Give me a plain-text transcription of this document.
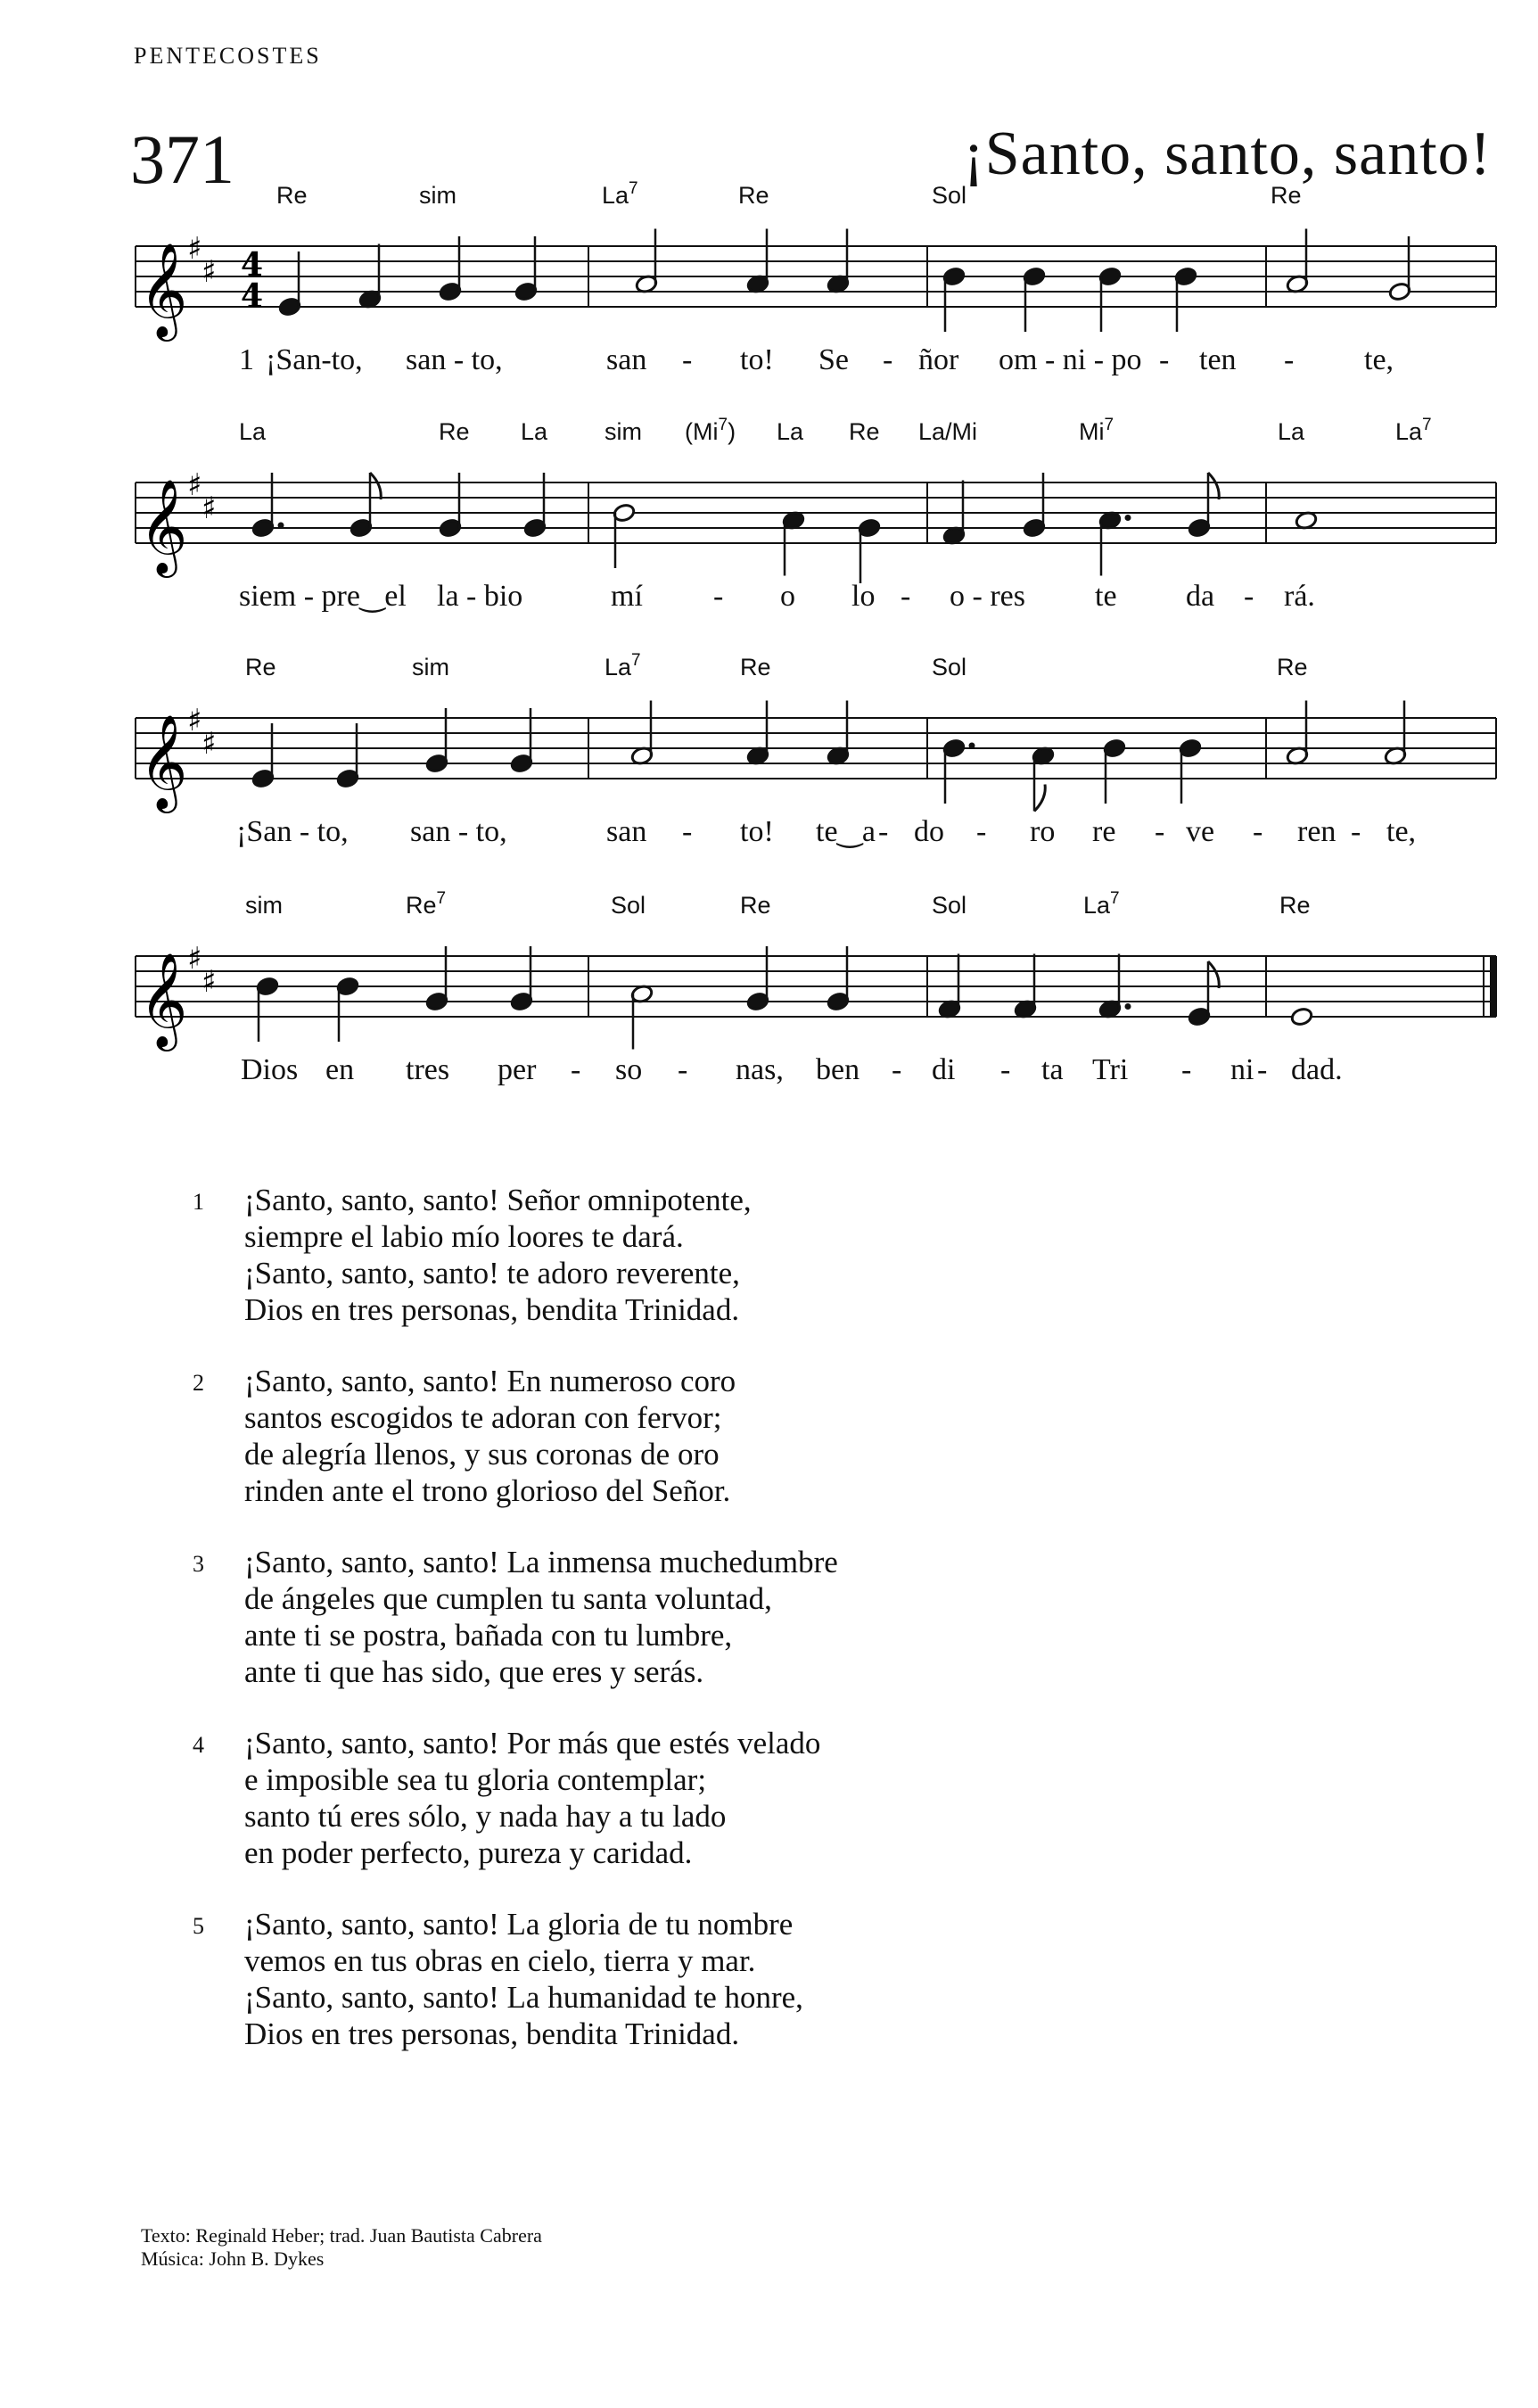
PENTECOSTES
371	¡Santo, santo, santo!
𝄞 ♯
♯ 4
4
Re	sim	La$^7$	Re	Sol	Re
1 ¡San-to, san - to,	san - to! Se - ñor om - ni - po - ten - te,
𝄞 ♯
♯
La	Re La sim (Mi$^7$) La Re La/Mi	Mi$^7$	La	La$^7$
siem - pre‿el la - bio	mí - o lo - o - res te da - rá.
𝄞 ♯
♯
Re	sim	La$^7$	Re	Sol	Re
¡San - to, san - to,	san - to! te‿a - do - ro re - ve - ren - te,
𝄞 ♯
♯
sim	Re$^7$	Sol	Re	Sol	La$^7$	Re
Dios en tres per - so - nas, ben - di - ta Tri - ni - dad.
1 ¡Santo, santo, santo! Señor omnipotente,
siempre el labio mío loores te dará.
¡Santo, santo, santo! te adoro reverente,
Dios en tres personas, bendita Trinidad.
2 ¡Santo, santo, santo! En numeroso coro
santos escogidos te adoran con fervor;
de alegría llenos, y sus coronas de oro
rinden ante el trono glorioso del Señor.
3 ¡Santo, santo, santo! La inmensa muchedumbre
de ángeles que cumplen tu santa voluntad,
ante ti se postra, bañada con tu lumbre,
ante ti que has sido, que eres y serás.
4 ¡Santo, santo, santo! Por más que estés velado
e imposible sea tu gloria contemplar;
santo tú eres sólo, y nada hay a tu lado
en poder perfecto, pureza y caridad.
5 ¡Santo, santo, santo! La gloria de tu nombre
vemos en tus obras en cielo, tierra y mar.
¡Santo, santo, santo! La humanidad te honre,
Dios en tres personas, bendita Trinidad.
Texto: Reginald Heber; trad. Juan Bautista Cabrera
Música: John B. Dykes
